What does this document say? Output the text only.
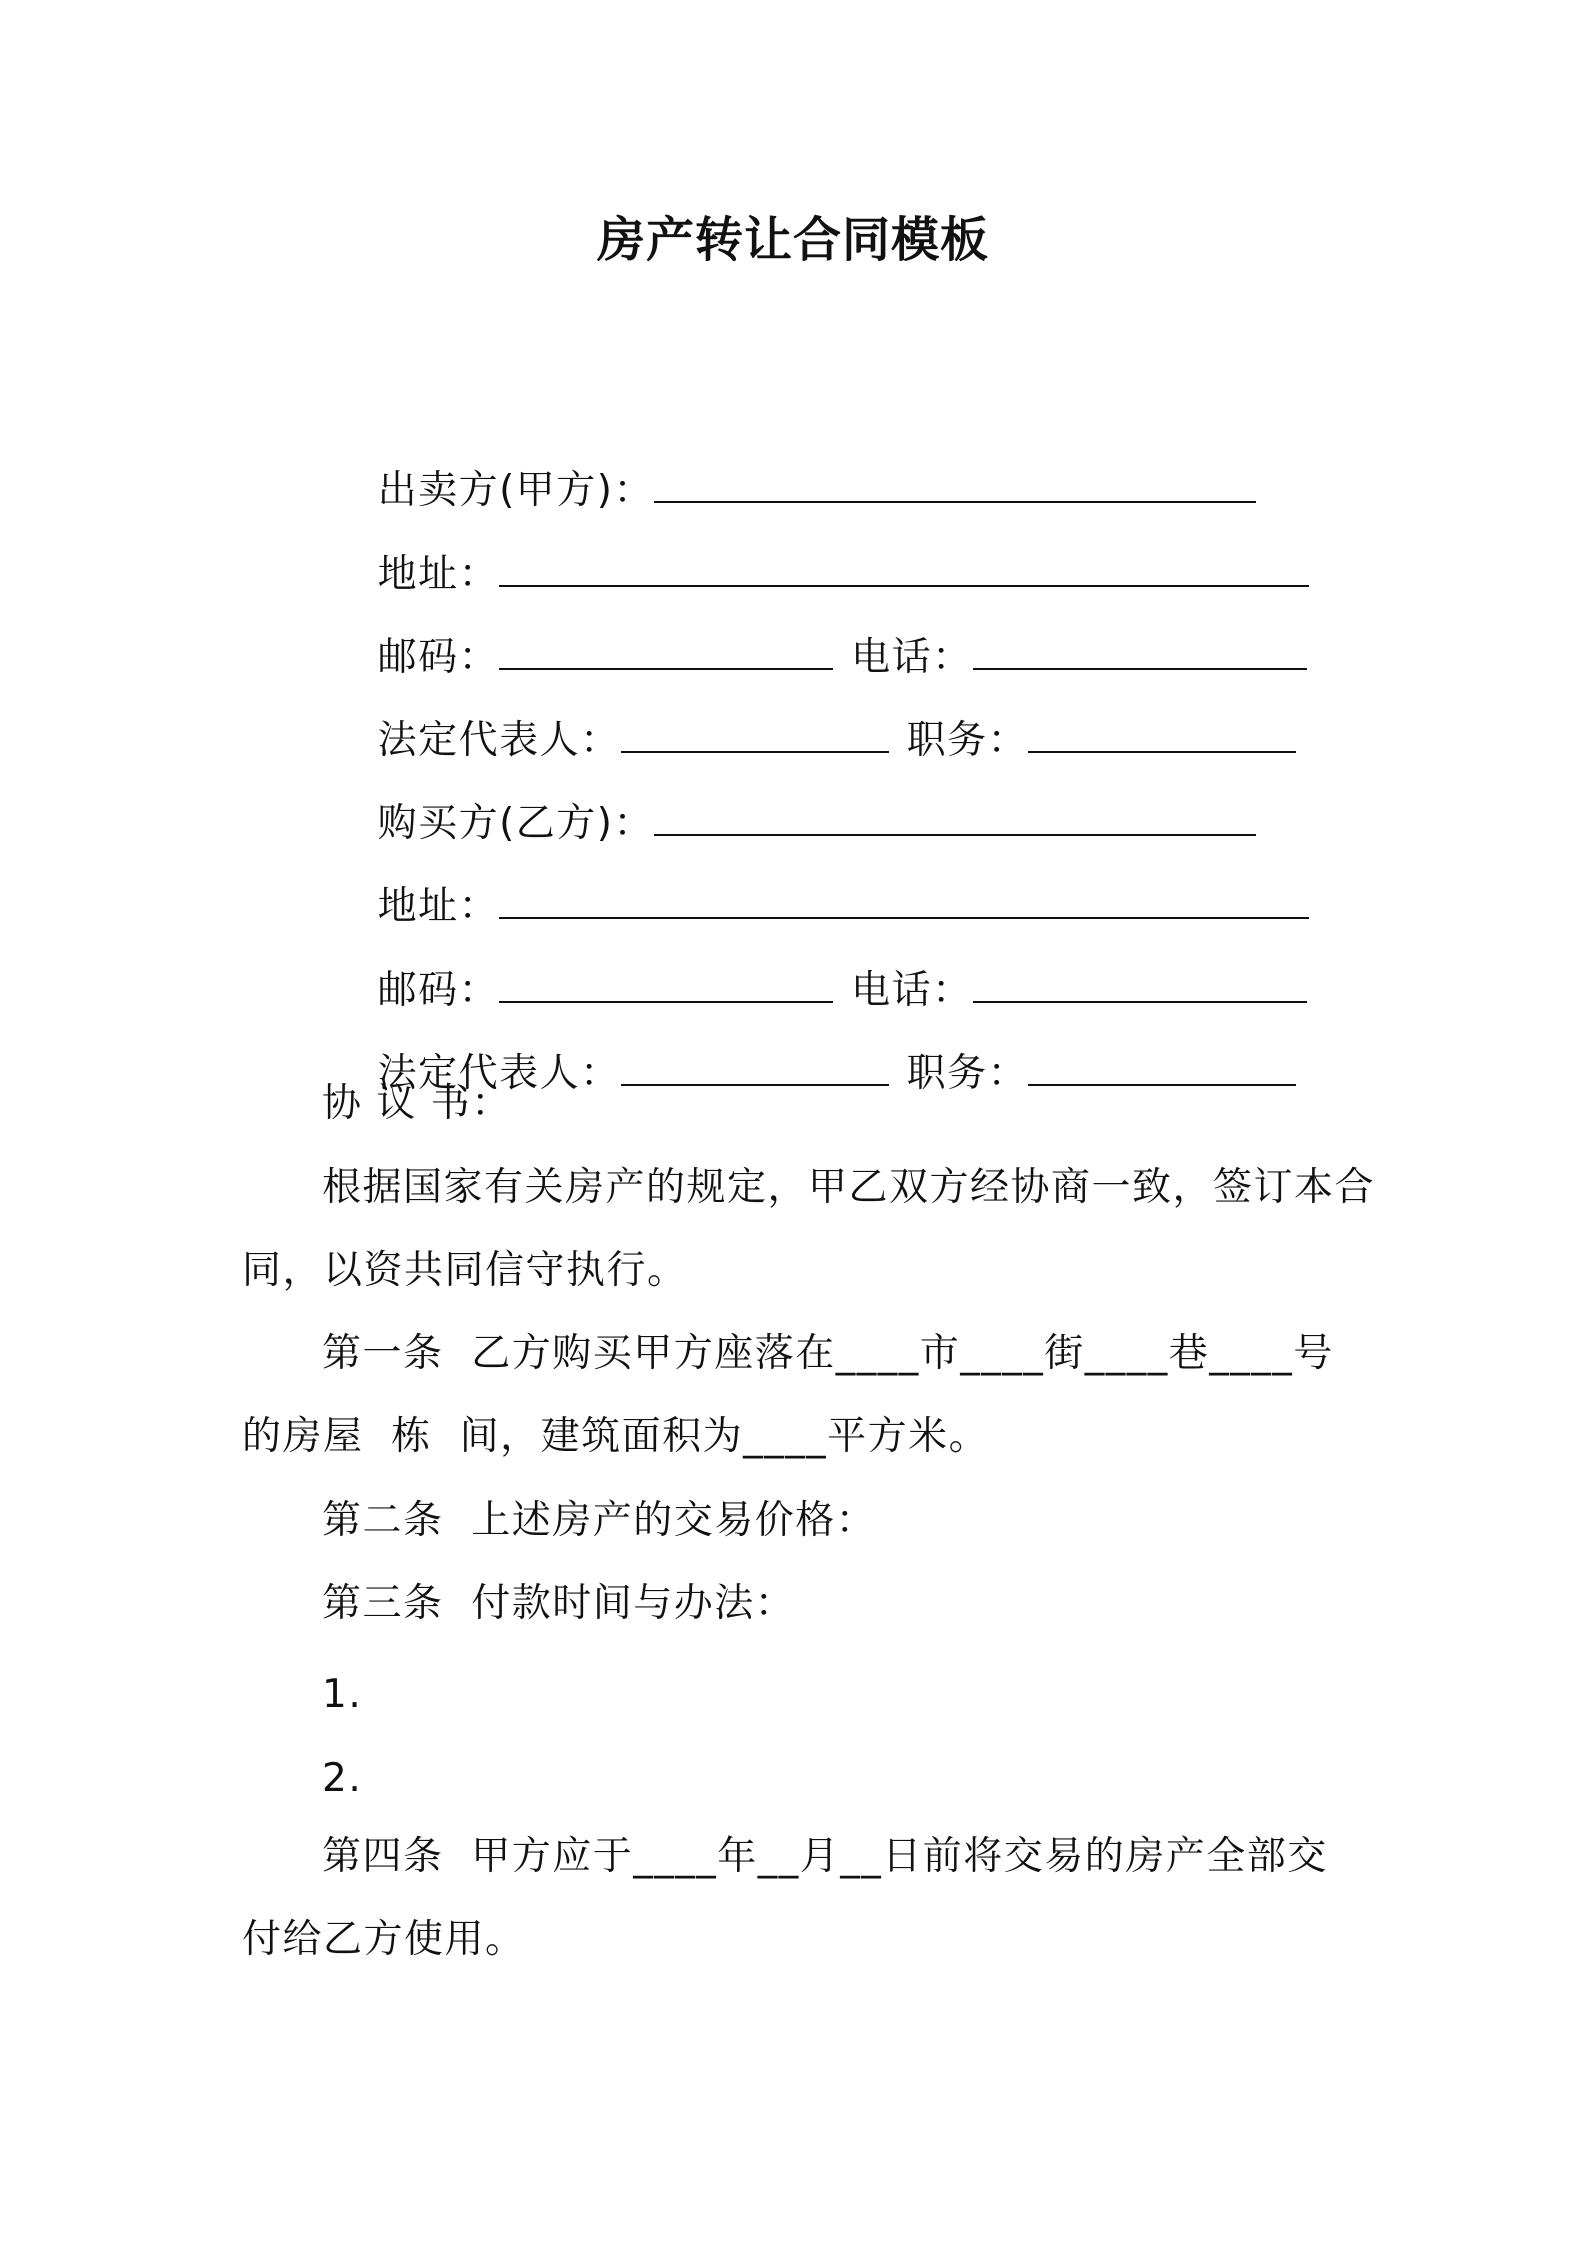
房产转让合同模板

出卖方(甲方)：

地址：

邮码：	电话：

法定代表人：	职务：

购买方(乙方)：

地址：

邮码：	电话：

法定代表人：	职务：

协 议 书：
根据国家有关房产的规定，甲乙双方经协商一致，签订本合
同，以资共同信守执行。
第一条  乙方购买甲方座落在____市____街____巷____号
的房屋  栋  间，建筑面积为____平方米。
第二条  上述房产的交易价格：
第三条  付款时间与办法：
1.
2.
第四条  甲方应于____年__月__日前将交易的房产全部交
付给乙方使用。
